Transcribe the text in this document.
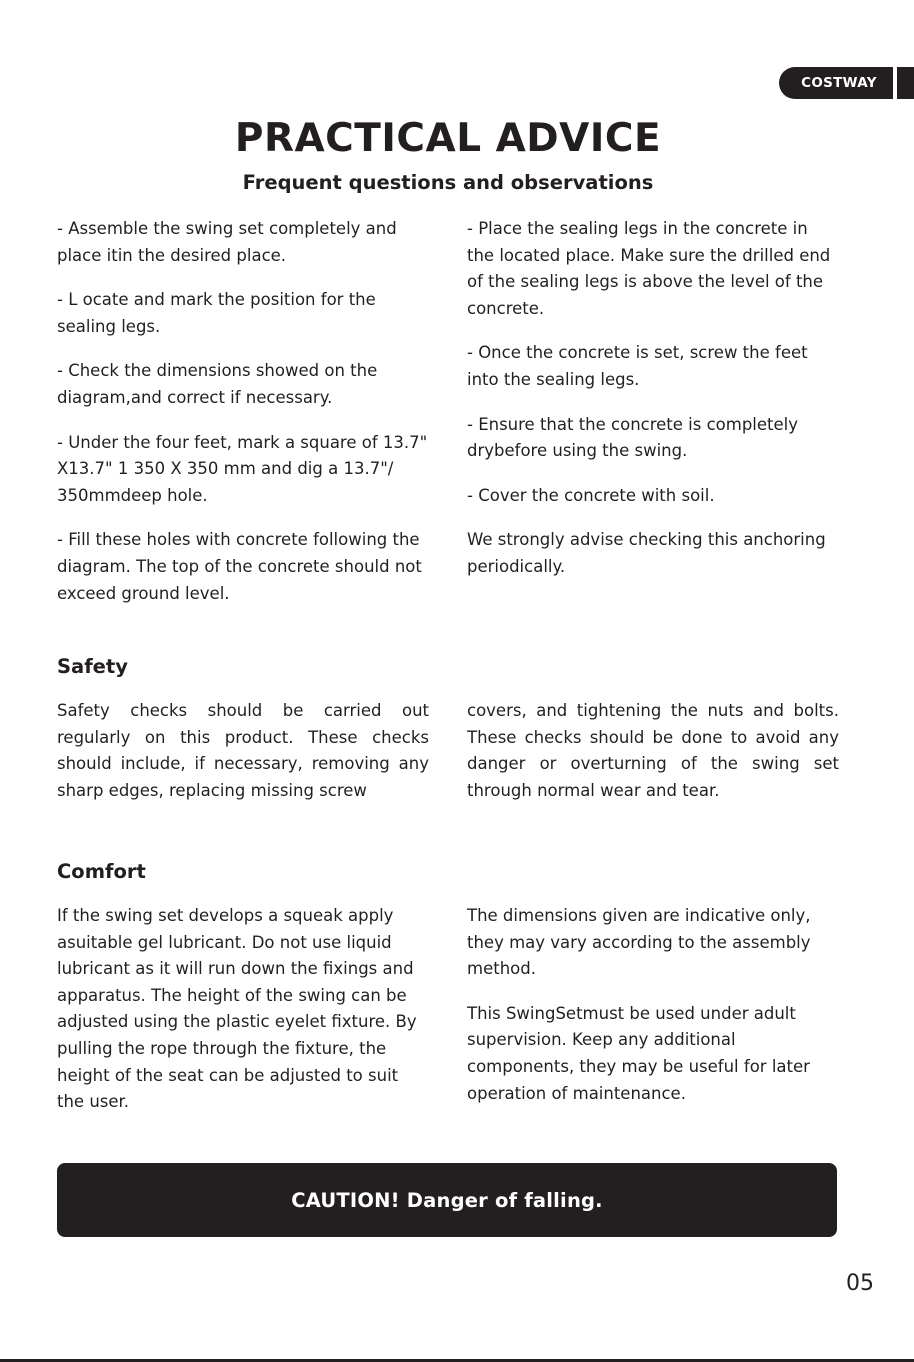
COSTWAY
PRACTICAL ADVICE
Frequent questions and observations

- Assemble the swing set completely and place itin the desired place.

- L ocate and mark the position for the sealing legs.

- Check the dimensions showed on the diagram,and correct if necessary.

- Under the four feet, mark a square of 13.7" X13.7" 1 350 X 350 mm and dig a 13.7"/ 350mmdeep hole.

- Fill these holes with concrete following the diagram. The top of the concrete should not exceed ground level.

- Place the sealing legs in the concrete in the located place. Make sure the drilled end of the sealing legs is above the level of the concrete.

- Once the concrete is set, screw the feet into the sealing legs.

- Ensure that the concrete is completely drybefore using the swing.

- Cover the concrete with soil.

We strongly advise checking this anchoring periodically.

Safety

Safety checks should be carried out regularly on this product. These checks should include, if necessary, removing any sharp edges, replacing missing screw

covers, and tightening the nuts and bolts. These checks should be done to avoid any danger or overturning of the swing set through normal wear and tear.

Comfort

If the swing set develops a squeak apply asuitable gel lubricant. Do not use liquid lubricant as it will run down the fixings and apparatus. The height of the swing can be adjusted using the plastic eyelet fixture. By pulling the rope through the fixture, the height of the seat can be adjusted to suit the user.

The dimensions given are indicative only, they may vary according to the assembly method.

This SwingSetmust be used under adult supervision. Keep any additional components, they may be useful for later operation of maintenance.

CAUTION! Danger of falling.
05
